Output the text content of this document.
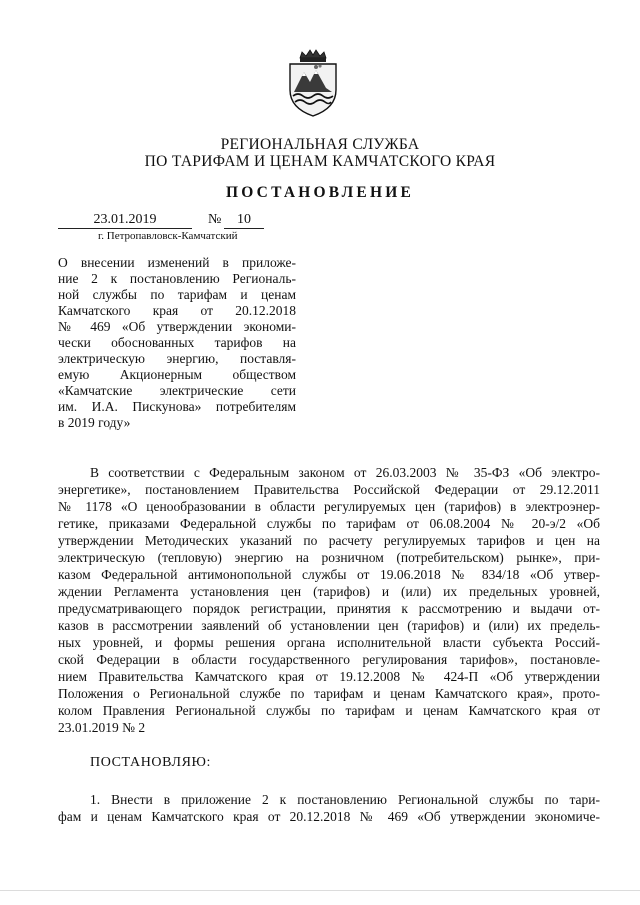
РЕГИОНАЛЬНАЯ СЛУЖБА
ПО ТАРИФАМ И ЦЕНАМ КАМЧАТСКОГО КРАЯ
ПОСТАНОВЛЕНИЕ
23.01.2019	№	10
г. Петропавловск-Камчатский
О внесении изменений в приложе-
ние 2 к постановлению Региональ-
ной службы по тарифам и ценам
Камчатского края от 20.12.2018
№ 469 «Об утверждении экономи-
чески обоснованных тарифов на
электрическую энергию, поставля-
емую Акционерным обществом
«Камчатские электрические сети
им. И.А. Пискунова» потребителям
в 2019 году»
В соответствии с Федеральным законом от 26.03.2003 № 35-ФЗ «Об электро-
энергетике», постановлением Правительства Российской Федерации от 29.12.2011
№ 1178 «О ценообразовании в области регулируемых цен (тарифов) в электроэнер-
гетике, приказами Федеральной службы по тарифам от 06.08.2004 № 20-э/2 «Об
утверждении Методических указаний по расчету регулируемых тарифов и цен на
электрическую (тепловую) энергию на розничном (потребительском) рынке», при-
казом Федеральной антимонопольной службы от 19.06.2018 № 834/18 «Об утвер-
ждении Регламента установления цен (тарифов) и (или) их предельных уровней,
предусматривающего порядок регистрации, принятия к рассмотрению и выдачи от-
казов в рассмотрении заявлений об установлении цен (тарифов) и (или) их предель-
ных уровней, и формы решения органа исполнительной власти субъекта Россий-
ской Федерации в области государственного регулирования тарифов», постановле-
нием Правительства Камчатского края от 19.12.2008 № 424-П «Об утверждении
Положения о Региональной службе по тарифам и ценам Камчатского края», прото-
колом Правления Региональной службы по тарифам и ценам Камчатского края от
23.01.2019 № 2
ПОСТАНОВЛЯЮ:
1. Внести в приложение 2 к постановлению Региональной службы по тари-
фам и ценам Камчатского края от 20.12.2018 № 469 «Об утверждении экономиче-
